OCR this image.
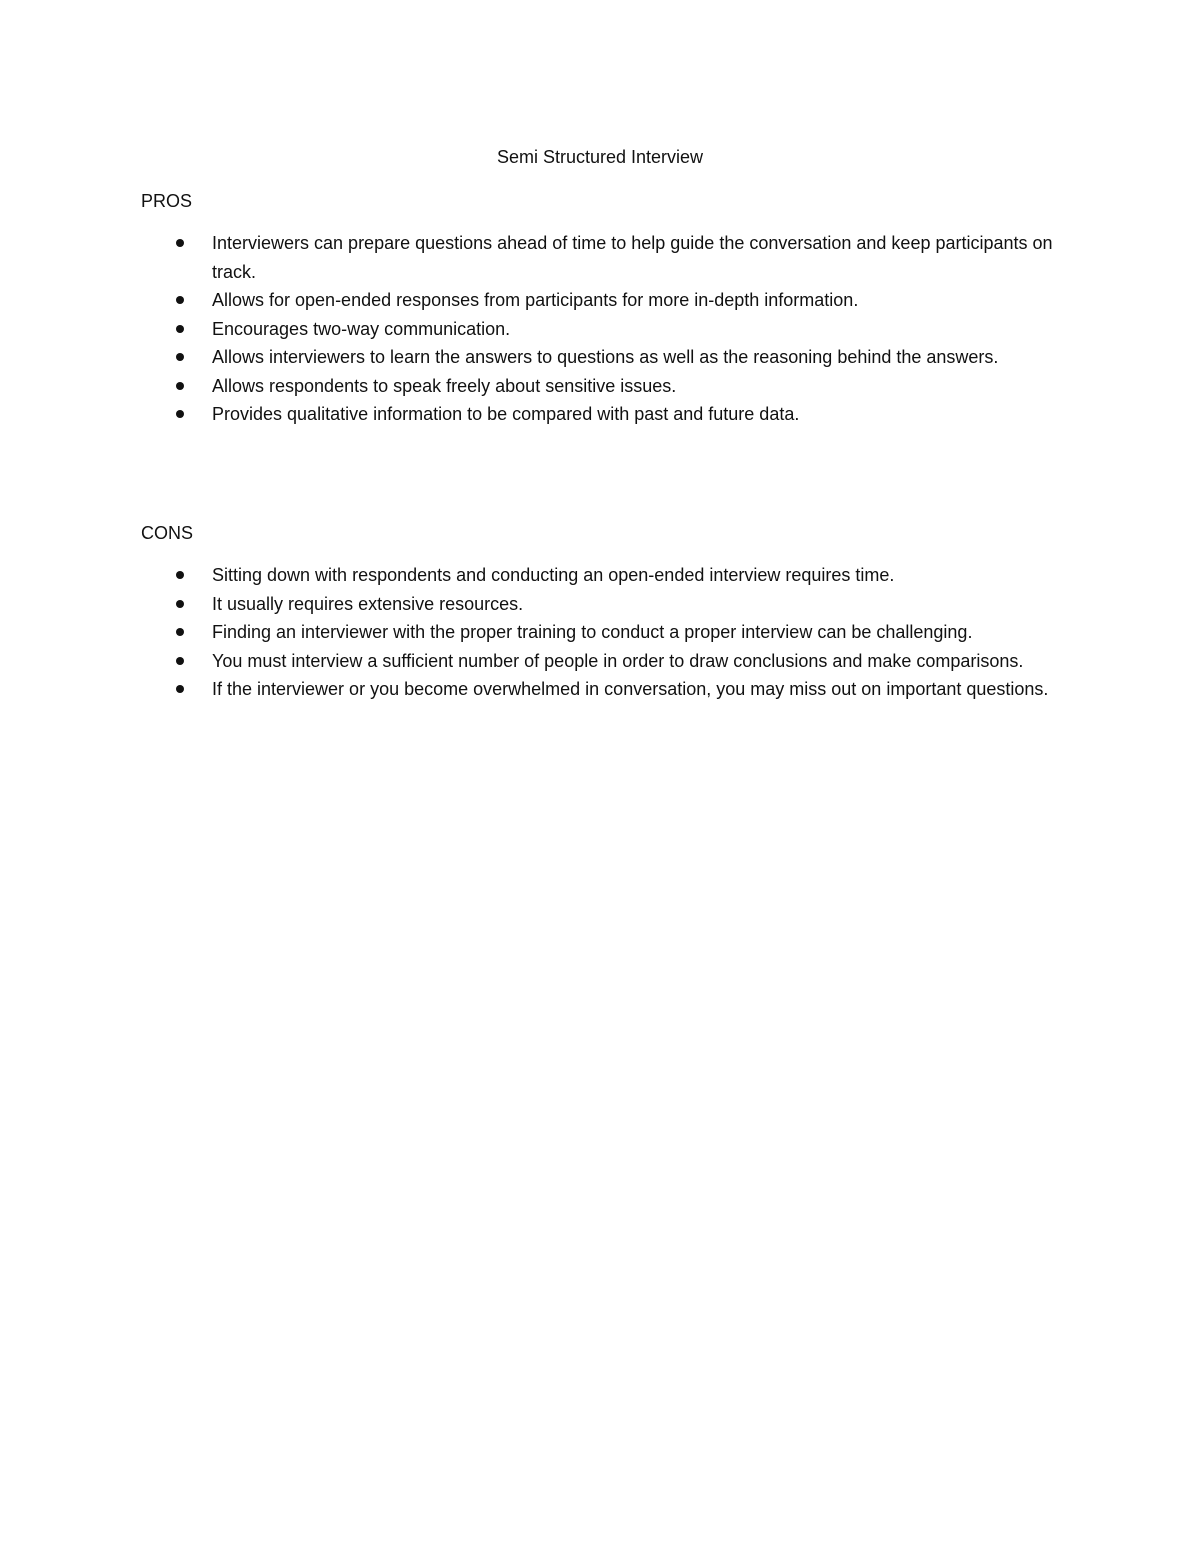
Semi Structured Interview
PROS
Interviewers can prepare questions ahead of time to help guide the conversation and keep participants on track.
Allows for open-ended responses from participants for more in-depth information.
Encourages two-way communication.
Allows interviewers to learn the answers to questions as well as the reasoning behind the answers.
Allows respondents to speak freely about sensitive issues.
Provides qualitative information to be compared with past and future data.
CONS
Sitting down with respondents and conducting an open-ended interview requires time.
It usually requires extensive resources.
Finding an interviewer with the proper training to conduct a proper interview can be challenging.
You must interview a sufficient number of people in order to draw conclusions and make comparisons.
If the interviewer or you become overwhelmed in conversation, you may miss out on important questions.
